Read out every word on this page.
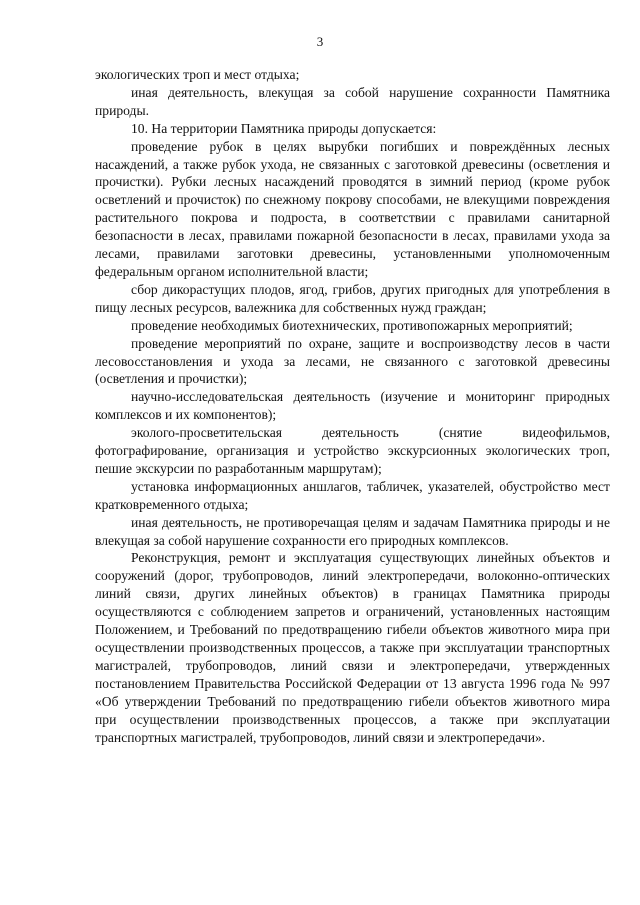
3

экологических троп и мест отдыха;

иная деятельность, влекущая за собой нарушение сохранности Памятника природы.

10. На территории Памятника природы допускается:

проведение рубок в целях вырубки погибших и повреждённых лесных насаждений, а также рубок ухода, не связанных с заготовкой древесины (осветления и прочистки). Рубки лесных насаждений проводятся в зимний период (кроме рубок осветлений и прочисток) по снежному покрову способами, не влекущими повреждения растительного покрова и подроста, в соответствии с правилами санитарной безопасности в лесах, правилами пожарной безопасности в лесах, правилами ухода за лесами, правилами заготовки древесины, установленными уполномоченным федеральным органом исполнительной власти;

сбор дикорастущих плодов, ягод, грибов, других пригодных для употребления в пищу лесных ресурсов, валежника для собственных нужд граждан;

проведение необходимых биотехнических, противопожарных мероприятий;

проведение мероприятий по охране, защите и воспроизводству лесов в части лесовосстановления и ухода за лесами, не связанного с заготовкой древесины (осветления и прочистки);

научно-исследовательская деятельность (изучение и мониторинг природных комплексов и их компонентов);

эколого-просветительская деятельность (снятие видеофильмов, фотографирование, организация и устройство экскурсионных экологических троп, пешие экскурсии по разработанным маршрутам);

установка информационных аншлагов, табличек, указателей, обустройство мест кратковременного отдыха;

иная деятельность, не противоречащая целям и задачам Памятника природы и не влекущая за собой нарушение сохранности его природных комплексов.

Реконструкция, ремонт и эксплуатация существующих линейных объектов и сооружений (дорог, трубопроводов, линий электропередачи, волоконно-оптических линий связи, других линейных объектов) в границах Памятника природы осуществляются с соблюдением запретов и ограничений, установленных настоящим Положением, и Требований по предотвращению гибели объектов животного мира при осуществлении производственных процессов, а также при эксплуатации транспортных магистралей, трубопроводов, линий связи и электропередачи, утвержденных постановлением Правительства Российской Федерации от 13 августа 1996 года № 997 «Об утверждении Требований по предотвращению гибели объектов животного мира при осуществлении производственных процессов, а также при эксплуатации транспортных магистралей, трубопроводов, линий связи и электропередачи».
